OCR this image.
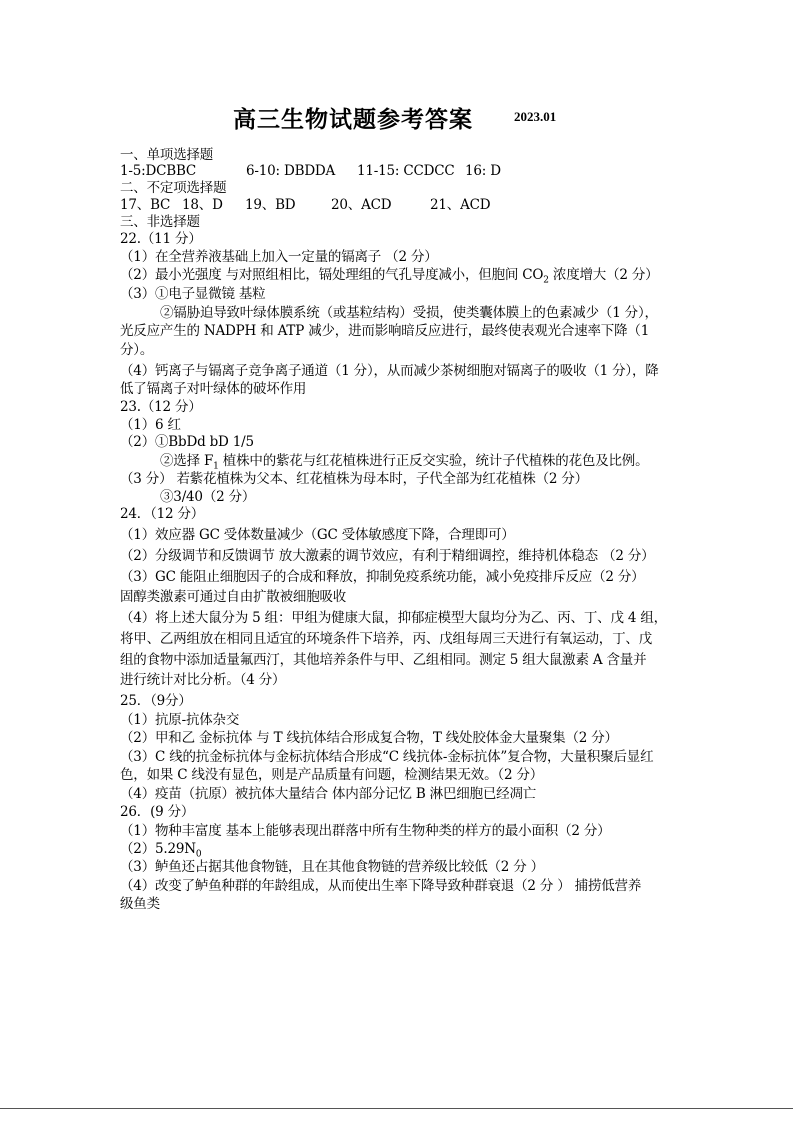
高三生物试题参考答案	2023.01
一、单项选择题
1-5:DCBBC	6-10: DBDDA 11-15: CCDCC 16: D
二、不定项选择题
17、BC 18、D 19、BD	20、ACD	21、ACD
三、非选择题
22.（11 分）
（1）在全营养液基础上加入一定量的镉离子 （2 分）
（2）最小光强度 与对照组相比，镉处理组的气孔导度减小，但胞间 $CO_2$ 浓度增大（2 分）
（3）①电子显微镜 基粒
②镉胁迫导致叶绿体膜系统（或基粒结构）受损，使类囊体膜上的色素减少（1 分），
光反应产生的 NADPH 和 ATP 减少，进而影响暗反应进行，最终使表观光合速率下降（1
分）。
（4）钙离子与镉离子竞争离子通道（1 分），从而减少茶树细胞对镉离子的吸收（1 分），降
低了镉离子对叶绿体的破坏作用
23.（12 分）
（1）6 红
（2）①BbDd bD 1/5
②选择 $F_1$ 植株中的紫花与红花植株进行正反交实验，统计子代植株的花色及比例。
（3 分） 若紫花植株为父本、红花植株为母本时，子代全部为红花植株（2 分）
③3/40（2 分）
24．（12 分）
（1）效应器 GC 受体数量减少（GC 受体敏感度下降，合理即可）
（2）分级调节和反馈调节 放大激素的调节效应，有利于精细调控，维持机体稳态 （2 分）
（3）GC 能阻止细胞因子的合成和释放，抑制免疫系统功能，减小免疫排斥反应（2 分）
固醇类激素可通过自由扩散被细胞吸收
（4）将上述大鼠分为 5 组：甲组为健康大鼠，抑郁症模型大鼠均分为乙、丙、丁、戊 4 组，
将甲、乙两组放在相同且适宜的环境条件下培养，丙、戊组每周三天进行有氧运动，丁、戊
组的食物中添加适量氟西汀，其他培养条件与甲、乙组相同。测定 5 组大鼠激素 A 含量并
进行统计对比分析。（4 分）
25．（9分）
（1）抗原-抗体杂交
（2）甲和乙 金标抗体 与 T 线抗体结合形成复合物，T 线处胶体金大量聚集（2 分）
（3）C 线的抗金标抗体与金标抗体结合形成“C 线抗体-金标抗体”复合物，大量积聚后显红
色，如果 C 线没有显色，则是产品质量有问题，检测结果无效。（2 分）
（4）疫苗（抗原）被抗体大量结合 体内部分记忆 B 淋巴细胞已经凋亡
26．(9 分）
（1）物种丰富度 基本上能够表现出群落中所有生物种类的样方的最小面积（2 分）
$(2)5.29N_0$
（3）鲈鱼还占据其他食物链，且在其他食物链的营养级比较低（2 分 ）
（4）改变了鲈鱼种群的年龄组成，从而使出生率下降导致种群衰退（2 分 ） 捕捞低营养
级鱼类
